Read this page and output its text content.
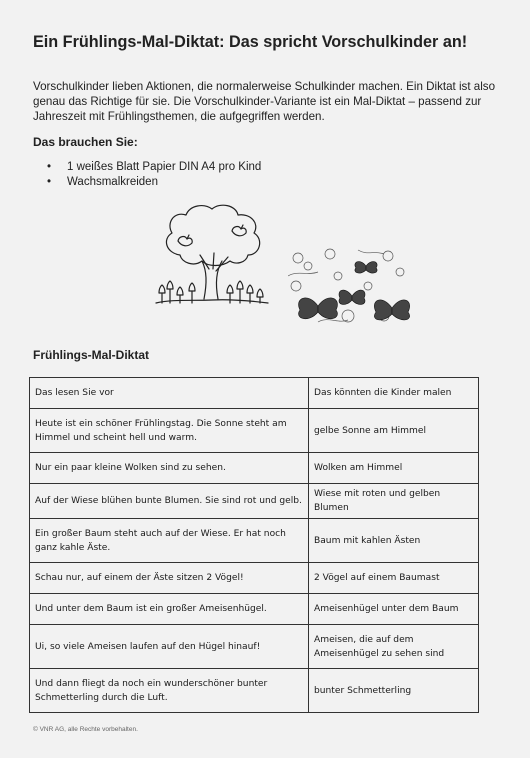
Ein Frühlings-Mal-Diktat: Das spricht Vorschulkinder an!
Vorschulkinder lieben Aktionen, die normalerweise Schulkinder machen. Ein Diktat ist also genau das Richtige für sie. Die Vorschulkinder-Variante ist ein Mal-Diktat – passend zur Jahreszeit mit Frühlingsthemen, die aufgegriffen werden.
Das brauchen Sie:
• 1 weißes Blatt Papier DIN A4 pro Kind
• Wachsmalkreiden
Frühlings-Mal-Diktat
Das lesen Sie vor	Das könnten die Kinder malen
Heute ist ein schöner Frühlingstag. Die Sonne steht am Himmel und scheint hell und warm.	gelbe Sonne am Himmel
Nur ein paar kleine Wolken sind zu sehen.	Wolken am Himmel
Auf der Wiese blühen bunte Blumen. Sie sind rot und gelb.	Wiese mit roten und gelben Blumen
Ein großer Baum steht auch auf der Wiese. Er hat noch ganz kahle Äste.	Baum mit kahlen Ästen
Schau nur, auf einem der Äste sitzen 2 Vögel!	2 Vögel auf einem Baumast
Und unter dem Baum ist ein großer Ameisenhügel.	Ameisenhügel unter dem Baum
Ui, so viele Ameisen laufen auf den Hügel hinauf!	Ameisen, die auf dem Ameisenhügel zu sehen sind
Und dann fliegt da noch ein wunderschöner bunter Schmetterling durch die Luft.	bunter Schmetterling
© VNR AG, alle Rechte vorbehalten.
